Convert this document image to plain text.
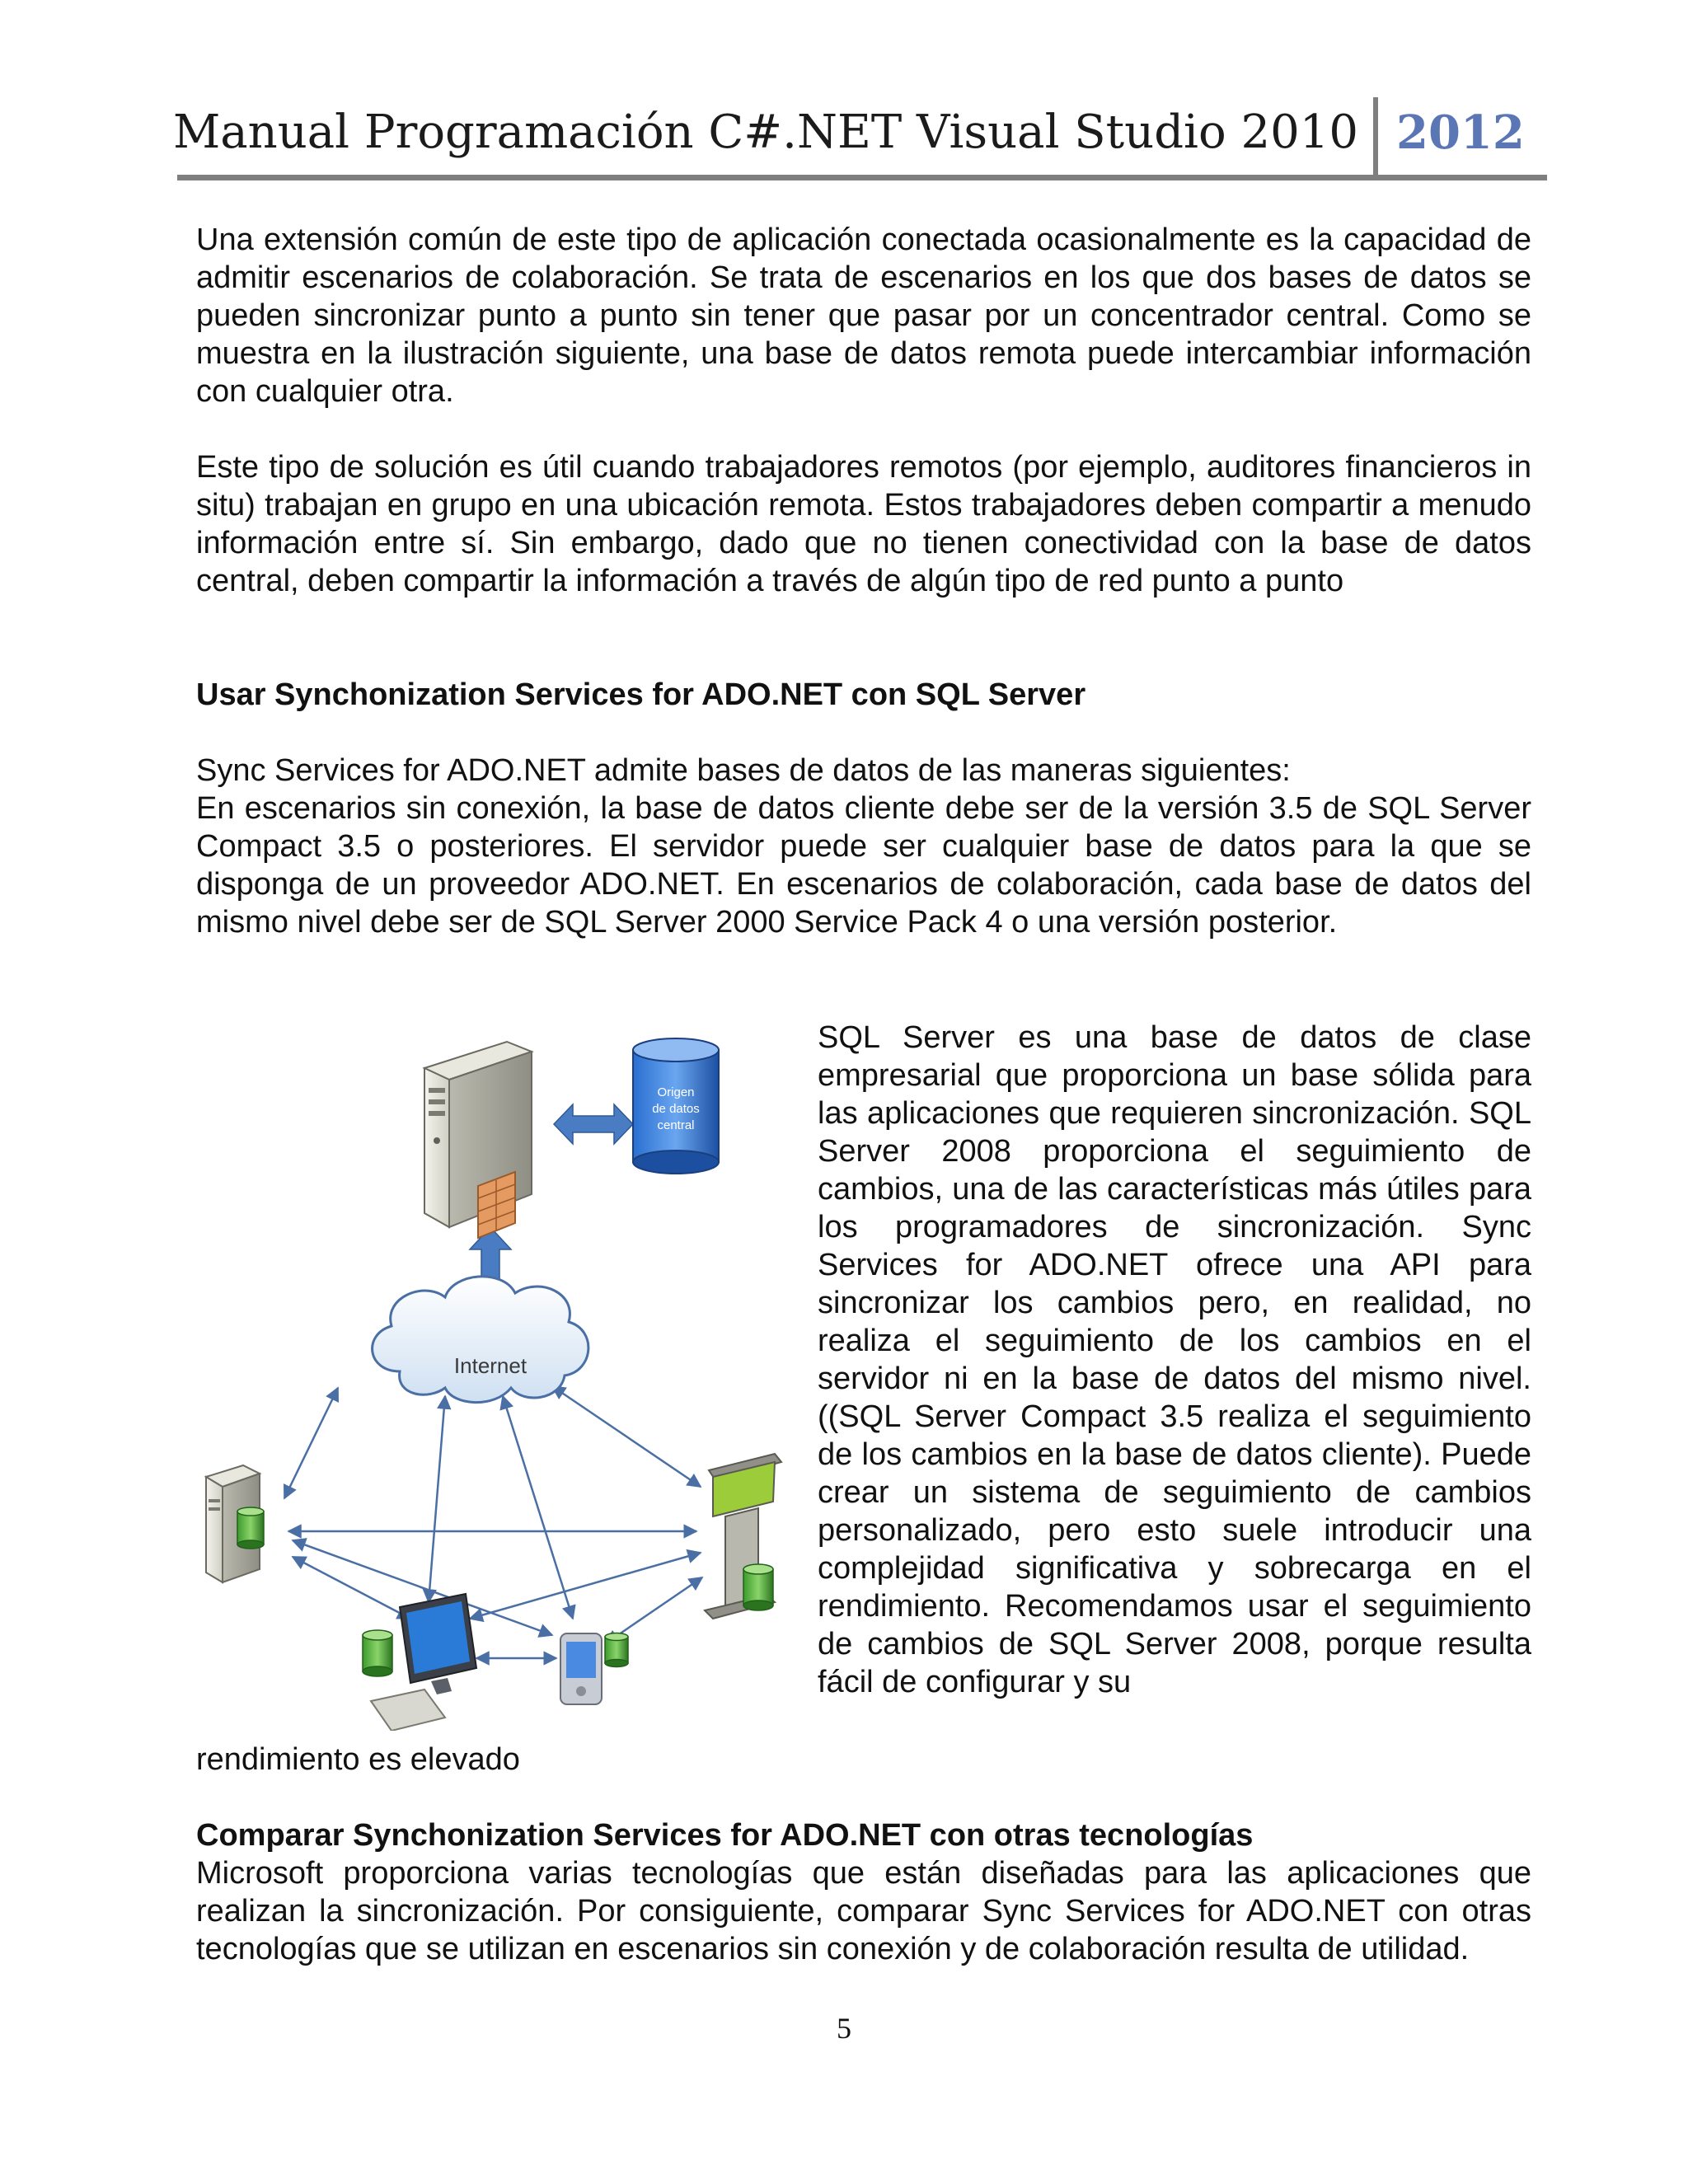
Manual Programación C#.NET Visual Studio 2010 2012

Una extensión común de este tipo de aplicación conectada ocasionalmente es la capacidad de admitir escenarios de colaboración. Se trata de escenarios en los que dos bases de datos se pueden sincronizar punto a punto sin tener que pasar por un concentrador central. Como se muestra en la ilustración siguiente, una base de datos remota puede intercambiar información con cualquier otra.

Este tipo de solución es útil cuando trabajadores remotos (por ejemplo, auditores financieros in situ) trabajan en grupo en una ubicación remota. Estos trabajadores deben compartir a menudo información entre sí. Sin embargo, dado que no tienen conectividad con la base de datos central, deben compartir la información a través de algún tipo de red punto a punto

Usar Synchonization Services for ADO.NET con SQL Server

Sync Services for ADO.NET admite bases de datos de las maneras siguientes:

En escenarios sin conexión, la base de datos cliente debe ser de la versión 3.5 de SQL Server Compact 3.5 o posteriores. El servidor puede ser cualquier base de datos para la que se disponga de un proveedor ADO.NET. En escenarios de colaboración, cada base de datos del mismo nivel debe ser de SQL Server 2000 Service Pack 4 o una versión posterior.

Origen
de datos
central
Internet

SQL Server es una base de datos de clase empresarial que proporciona un base sólida para las aplicaciones que requieren sincronización. SQL Server 2008 proporciona el seguimiento de cambios, una de las características más útiles para los programadores de sincronización. Sync Services for ADO.NET ofrece una API para sincronizar los cambios pero, en realidad, no realiza el seguimiento de los cambios en el servidor ni en la base de datos del mismo nivel. ((SQL Server Compact 3.5 realiza el seguimiento de los cambios en la base de datos cliente). Puede crear un sistema de seguimiento de cambios personalizado, pero esto suele introducir una complejidad significativa y sobrecarga en el rendimiento. Recomendamos usar el seguimiento de cambios de SQL Server 2008, porque resulta fácil de configurar y su

rendimiento es elevado

Comparar Synchonization Services for ADO.NET con otras tecnologías

Microsoft proporciona varias tecnologías que están diseñadas para las aplicaciones que realizan la sincronización. Por consiguiente, comparar Sync Services for ADO.NET con otras tecnologías que se utilizan en escenarios sin conexión y de colaboración resulta de utilidad.

5
